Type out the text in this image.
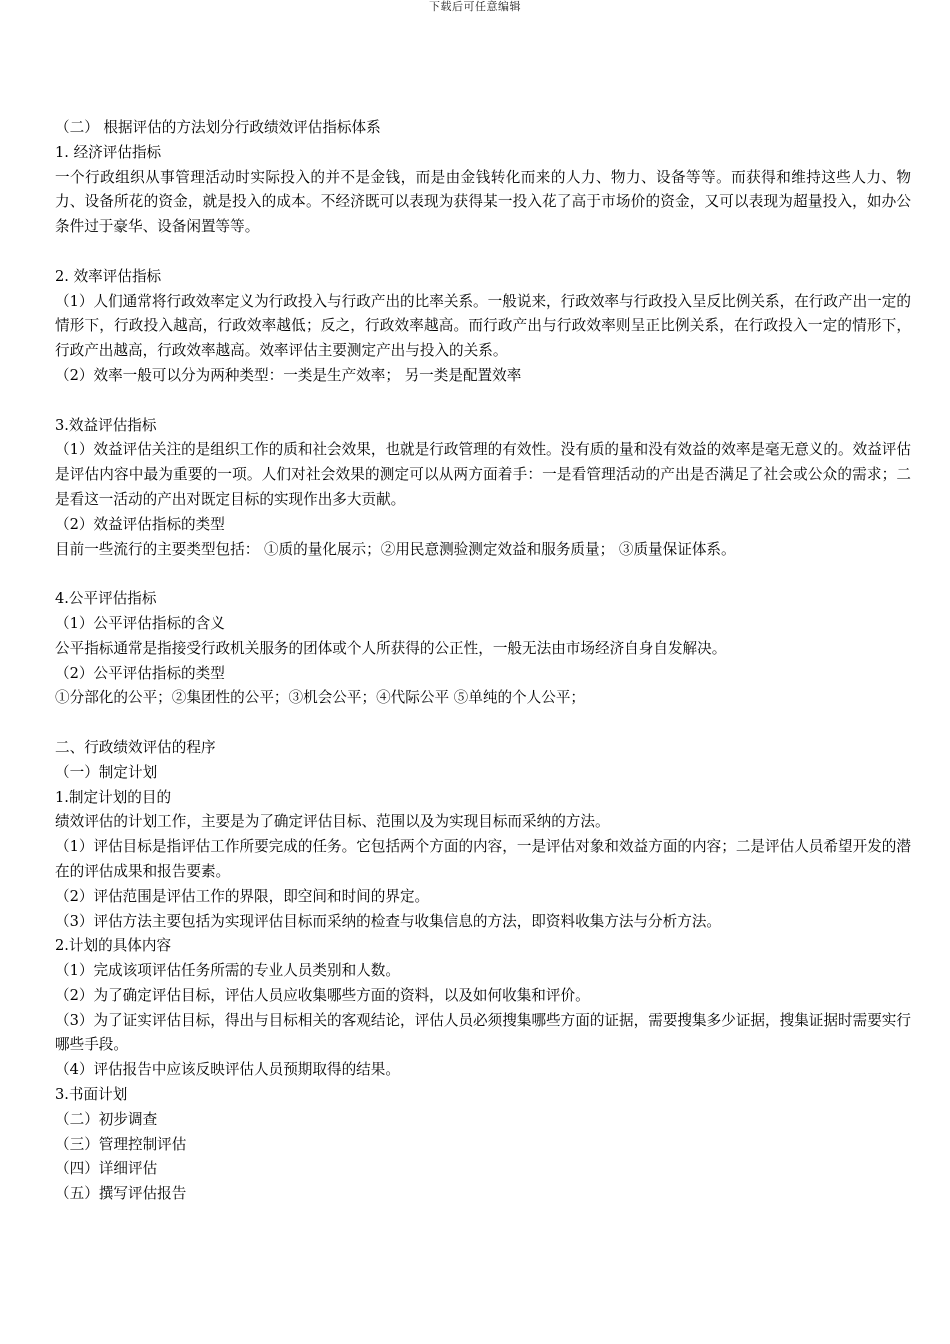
下载后可任意编辑

（二） 根据评估的方法划分行政绩效评估指标体系

1. 经济评估指标

一个行政组织从事管理活动时实际投入的并不是金钱，而是由金钱转化而来的人力、物力、设备等等。而获得和维持这些人力、物力、设备所花的资金，就是投入的成本。不经济既可以表现为获得某一投入花了高于市场价的资金，又可以表现为超量投入，如办公条件过于豪华、设备闲置等等。

2. 效率评估指标

（1）人们通常将行政效率定义为行政投入与行政产出的比率关系。一般说来，行政效率与行政投入呈反比例关系，在行政产出一定的情形下，行政投入越高，行政效率越低；反之，行政效率越高。而行政产出与行政效率则呈正比例关系，在行政投入一定的情形下，行政产出越高，行政效率越高。效率评估主要测定产出与投入的关系。

（2）效率一般可以分为两种类型：一类是生产效率； 另一类是配置效率

3.效益评估指标

（1）效益评估关注的是组织工作的质和社会效果，也就是行政管理的有效性。没有质的量和没有效益的效率是毫无意义的。效益评估是评估内容中最为重要的一项。人们对社会效果的测定可以从两方面着手：一是看管理活动的产出是否满足了社会或公众的需求；二是看这一活动的产出对既定目标的实现作出多大贡献。

（2）效益评估指标的类型

目前一些流行的主要类型包括： ①质的量化展示；②用民意测验测定效益和服务质量； ③质量保证体系。

4.公平评估指标

（1）公平评估指标的含义

公平指标通常是指接受行政机关服务的团体或个人所获得的公正性，一般无法由市场经济自身自发解决。

（2）公平评估指标的类型

①分部化的公平；②集团性的公平；③机会公平；④代际公平 ⑤单纯的个人公平；

二、行政绩效评估的程序

（一）制定计划

1.制定计划的目的

绩效评估的计划工作，主要是为了确定评估目标、范围以及为实现目标而采纳的方法。

（1）评估目标是指评估工作所要完成的任务。它包括两个方面的内容，一是评估对象和效益方面的内容；二是评估人员希望开发的潜在的评估成果和报告要素。

（2）评估范围是评估工作的界限，即空间和时间的界定。

（3）评估方法主要包括为实现评估目标而采纳的检查与收集信息的方法，即资料收集方法与分析方法。

2.计划的具体内容

（1）完成该项评估任务所需的专业人员类别和人数。

（2）为了确定评估目标，评估人员应收集哪些方面的资料，以及如何收集和评价。

（3）为了证实评估目标，得出与目标相关的客观结论，评估人员必须搜集哪些方面的证据，需要搜集多少证据，搜集证据时需要实行哪些手段。

（4）评估报告中应该反映评估人员预期取得的结果。

3.书面计划

（二）初步调查

（三）管理控制评估

（四）详细评估

（五）撰写评估报告
